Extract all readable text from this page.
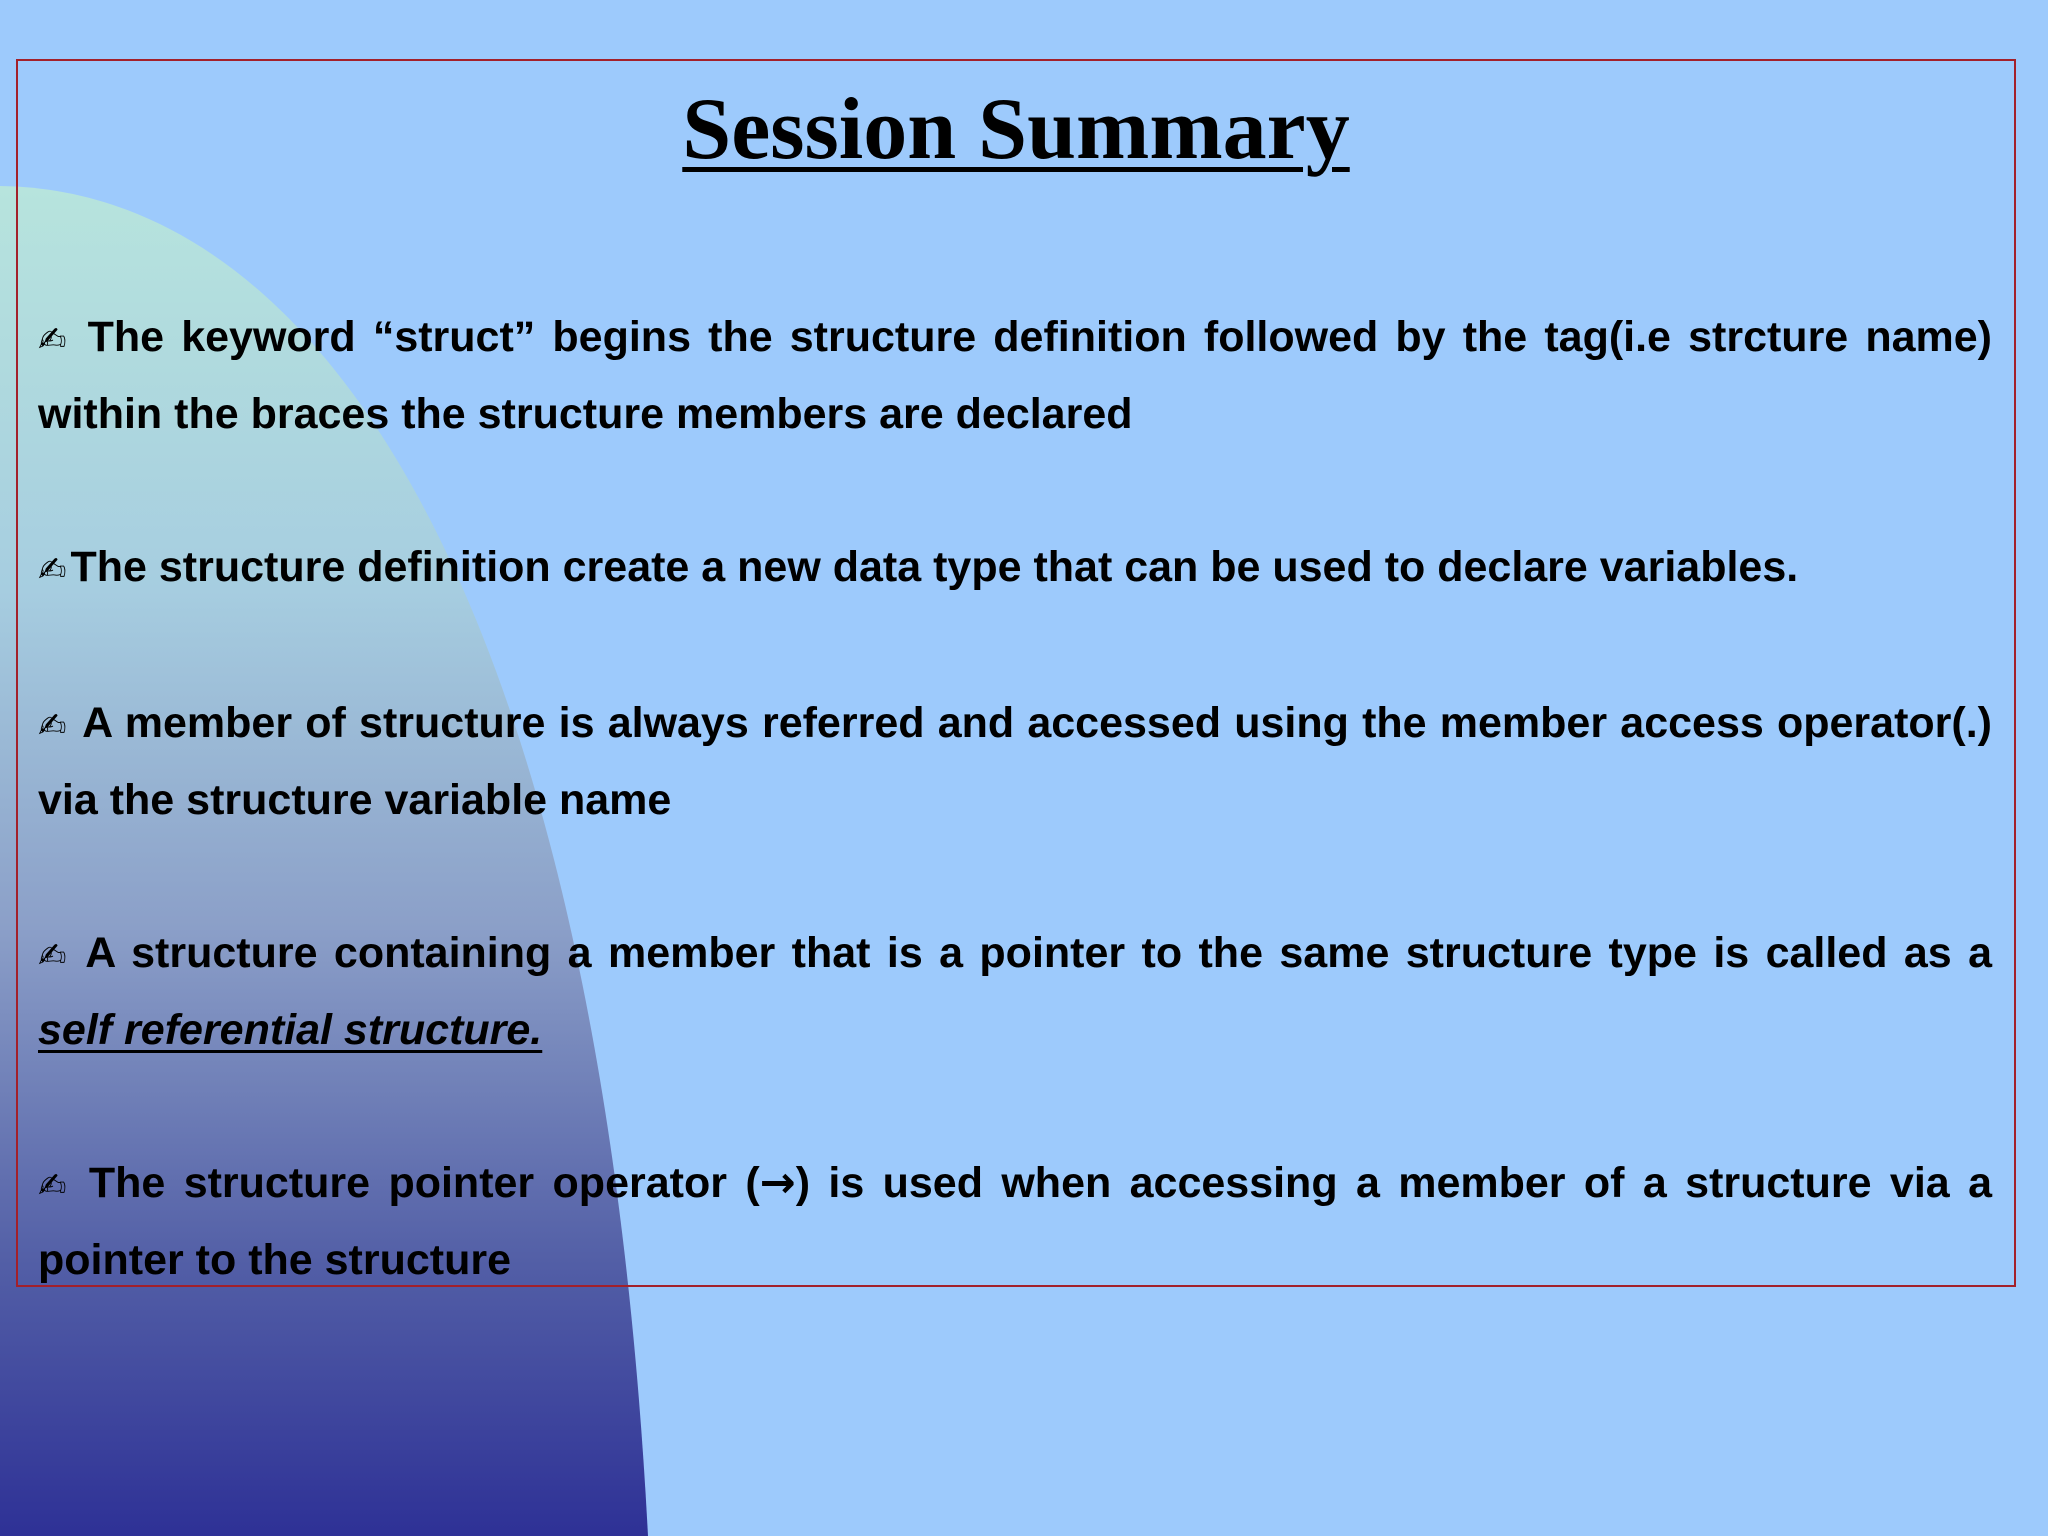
Session Summary
✍ The keyword “struct” begins the structure definition followed by the tag(i.e strcture name) within the braces the structure members are declared
✍The structure definition create a new data type that can be used to declare variables.
✍ A member of structure is always referred and accessed using the member access operator(.) via the structure variable name
✍ A structure containing a member that is a pointer to the same structure type is called as a self referential structure.
✍ The structure pointer operator (→) is used when accessing a member of a structure via a pointer to the structure
